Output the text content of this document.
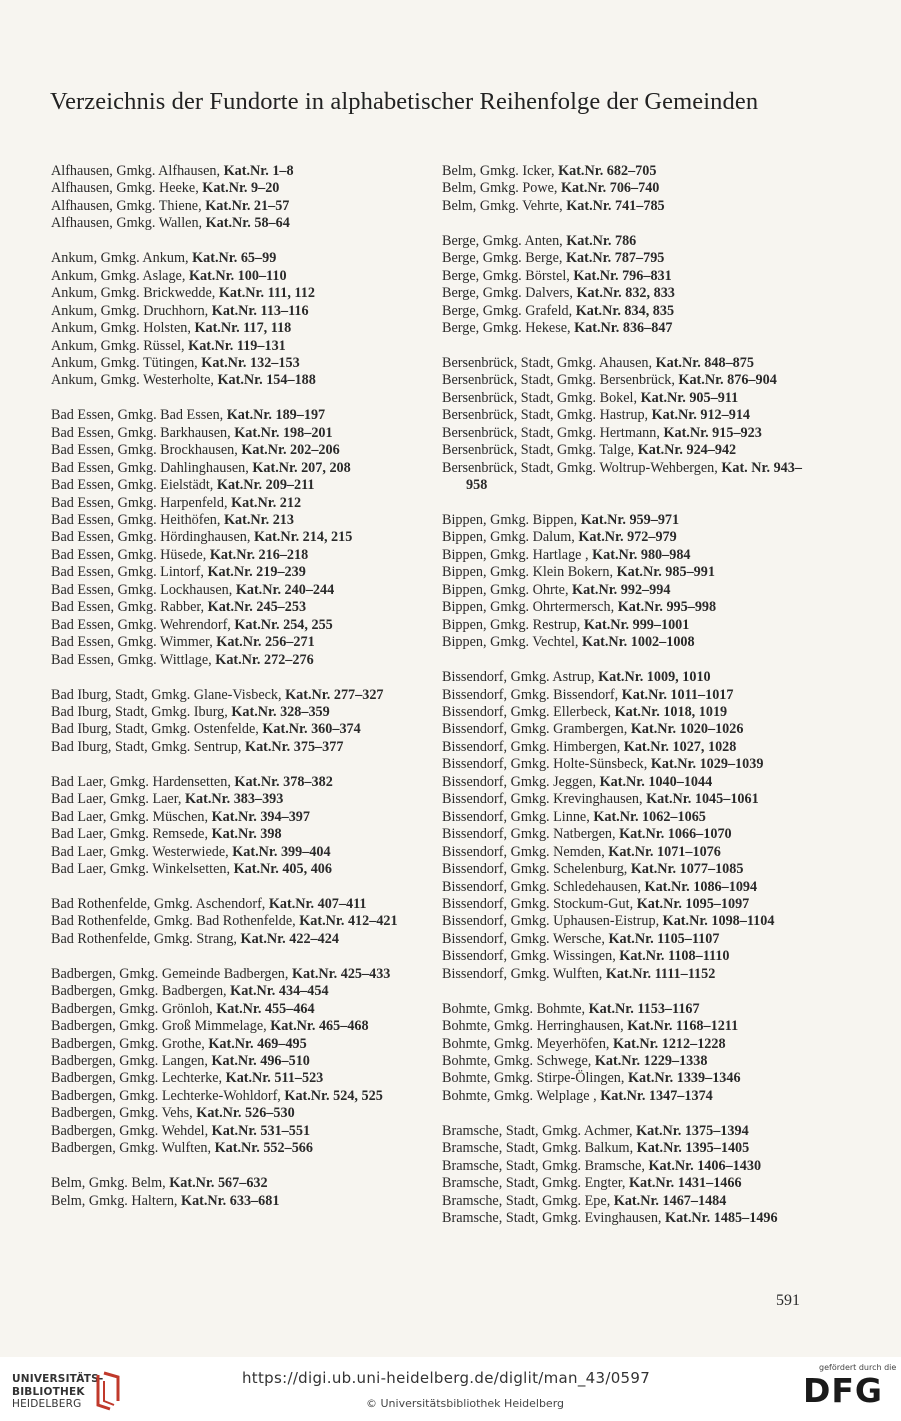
Verzeichnis der Fundorte in alphabetischer Reihenfolge der Gemeinden
Alfhausen, Gmkg. Alfhausen, Kat.Nr. 1–8
Alfhausen, Gmkg. Heeke, Kat.Nr. 9–20
Alfhausen, Gmkg. Thiene, Kat.Nr. 21–57
Alfhausen, Gmkg. Wallen, Kat.Nr. 58–64
Ankum, Gmkg. Ankum, Kat.Nr. 65–99
Ankum, Gmkg. Aslage, Kat.Nr. 100–110
Ankum, Gmkg. Brickwedde, Kat.Nr. 111, 112
Ankum, Gmkg. Druchhorn, Kat.Nr. 113–116
Ankum, Gmkg. Holsten, Kat.Nr. 117, 118
Ankum, Gmkg. Rüssel, Kat.Nr. 119–131
Ankum, Gmkg. Tütingen, Kat.Nr. 132–153
Ankum, Gmkg. Westerholte, Kat.Nr. 154–188
Bad Essen, Gmkg. Bad Essen, Kat.Nr. 189–197
Bad Essen, Gmkg. Barkhausen, Kat.Nr. 198–201
Bad Essen, Gmkg. Brockhausen, Kat.Nr. 202–206
Bad Essen, Gmkg. Dahlinghausen, Kat.Nr. 207, 208
Bad Essen, Gmkg. Eielstädt, Kat.Nr. 209–211
Bad Essen, Gmkg. Harpenfeld, Kat.Nr. 212
Bad Essen, Gmkg. Heithöfen, Kat.Nr. 213
Bad Essen, Gmkg. Hördinghausen, Kat.Nr. 214, 215
Bad Essen, Gmkg. Hüsede, Kat.Nr. 216–218
Bad Essen, Gmkg. Lintorf, Kat.Nr. 219–239
Bad Essen, Gmkg. Lockhausen, Kat.Nr. 240–244
Bad Essen, Gmkg. Rabber, Kat.Nr. 245–253
Bad Essen, Gmkg. Wehrendorf, Kat.Nr. 254, 255
Bad Essen, Gmkg. Wimmer, Kat.Nr. 256–271
Bad Essen, Gmkg. Wittlage, Kat.Nr. 272–276
Bad Iburg, Stadt, Gmkg. Glane-Visbeck, Kat.Nr. 277–327
Bad Iburg, Stadt, Gmkg. Iburg, Kat.Nr. 328–359
Bad Iburg, Stadt, Gmkg. Ostenfelde, Kat.Nr. 360–374
Bad Iburg, Stadt, Gmkg. Sentrup, Kat.Nr. 375–377
Bad Laer, Gmkg. Hardensetten, Kat.Nr. 378–382
Bad Laer, Gmkg. Laer, Kat.Nr. 383–393
Bad Laer, Gmkg. Müschen, Kat.Nr. 394–397
Bad Laer, Gmkg. Remsede, Kat.Nr. 398
Bad Laer, Gmkg. Westerwiede, Kat.Nr. 399–404
Bad Laer, Gmkg. Winkelsetten, Kat.Nr. 405, 406
Bad Rothenfelde, Gmkg. Aschendorf, Kat.Nr. 407–411
Bad Rothenfelde, Gmkg. Bad Rothenfelde, Kat.Nr. 412–421
Bad Rothenfelde, Gmkg. Strang, Kat.Nr. 422–424
Badbergen, Gmkg. Gemeinde Badbergen, Kat.Nr. 425–433
Badbergen, Gmkg. Badbergen, Kat.Nr. 434–454
Badbergen, Gmkg. Grönloh, Kat.Nr. 455–464
Badbergen, Gmkg. Groß Mimmelage, Kat.Nr. 465–468
Badbergen, Gmkg. Grothe, Kat.Nr. 469–495
Badbergen, Gmkg. Langen, Kat.Nr. 496–510
Badbergen, Gmkg. Lechterke, Kat.Nr. 511–523
Badbergen, Gmkg. Lechterke-Wohldorf, Kat.Nr. 524, 525
Badbergen, Gmkg. Vehs, Kat.Nr. 526–530
Badbergen, Gmkg. Wehdel, Kat.Nr. 531–551
Badbergen, Gmkg. Wulften, Kat.Nr. 552–566
Belm, Gmkg. Belm, Kat.Nr. 567–632
Belm, Gmkg. Haltern, Kat.Nr. 633–681
Belm, Gmkg. Icker, Kat.Nr. 682–705
Belm, Gmkg. Powe, Kat.Nr. 706–740
Belm, Gmkg. Vehrte, Kat.Nr. 741–785
Berge, Gmkg. Anten, Kat.Nr. 786
Berge, Gmkg. Berge, Kat.Nr. 787–795
Berge, Gmkg. Börstel, Kat.Nr. 796–831
Berge, Gmkg. Dalvers, Kat.Nr. 832, 833
Berge, Gmkg. Grafeld, Kat.Nr. 834, 835
Berge, Gmkg. Hekese, Kat.Nr. 836–847
Bersenbrück, Stadt, Gmkg. Ahausen, Kat.Nr. 848–875
Bersenbrück, Stadt, Gmkg. Bersenbrück, Kat.Nr. 876–904
Bersenbrück, Stadt, Gmkg. Bokel, Kat.Nr. 905–911
Bersenbrück, Stadt, Gmkg. Hastrup, Kat.Nr. 912–914
Bersenbrück, Stadt, Gmkg. Hertmann, Kat.Nr. 915–923
Bersenbrück, Stadt, Gmkg. Talge, Kat.Nr. 924–942
Bersenbrück, Stadt, Gmkg. Woltrup-Wehbergen, Kat. Nr. 943–958
Bippen, Gmkg. Bippen, Kat.Nr. 959–971
Bippen, Gmkg. Dalum, Kat.Nr. 972–979
Bippen, Gmkg. Hartlage , Kat.Nr. 980–984
Bippen, Gmkg. Klein Bokern, Kat.Nr. 985–991
Bippen, Gmkg. Ohrte, Kat.Nr. 992–994
Bippen, Gmkg. Ohrtermersch, Kat.Nr. 995–998
Bippen, Gmkg. Restrup, Kat.Nr. 999–1001
Bippen, Gmkg. Vechtel, Kat.Nr. 1002–1008
Bissendorf, Gmkg. Astrup, Kat.Nr. 1009, 1010
Bissendorf, Gmkg. Bissendorf, Kat.Nr. 1011–1017
Bissendorf, Gmkg. Ellerbeck, Kat.Nr. 1018, 1019
Bissendorf, Gmkg. Grambergen, Kat.Nr. 1020–1026
Bissendorf, Gmkg. Himbergen, Kat.Nr. 1027, 1028
Bissendorf, Gmkg. Holte-Sünsbeck, Kat.Nr. 1029–1039
Bissendorf, Gmkg. Jeggen, Kat.Nr. 1040–1044
Bissendorf, Gmkg. Krevinghausen, Kat.Nr. 1045–1061
Bissendorf, Gmkg. Linne, Kat.Nr. 1062–1065
Bissendorf, Gmkg. Natbergen, Kat.Nr. 1066–1070
Bissendorf, Gmkg. Nemden, Kat.Nr. 1071–1076
Bissendorf, Gmkg. Schelenburg, Kat.Nr. 1077–1085
Bissendorf, Gmkg. Schledehausen, Kat.Nr. 1086–1094
Bissendorf, Gmkg. Stockum-Gut, Kat.Nr. 1095–1097
Bissendorf, Gmkg. Uphausen-Eistrup, Kat.Nr. 1098–1104
Bissendorf, Gmkg. Wersche, Kat.Nr. 1105–1107
Bissendorf, Gmkg. Wissingen, Kat.Nr. 1108–1110
Bissendorf, Gmkg. Wulften, Kat.Nr. 1111–1152
Bohmte, Gmkg. Bohmte, Kat.Nr. 1153–1167
Bohmte, Gmkg. Herringhausen, Kat.Nr. 1168–1211
Bohmte, Gmkg. Meyerhöfen, Kat.Nr. 1212–1228
Bohmte, Gmkg. Schwege, Kat.Nr. 1229–1338
Bohmte, Gmkg. Stirpe-Ölingen, Kat.Nr. 1339–1346
Bohmte, Gmkg. Welplage , Kat.Nr. 1347–1374
Bramsche, Stadt, Gmkg. Achmer, Kat.Nr. 1375–1394
Bramsche, Stadt, Gmkg. Balkum, Kat.Nr. 1395–1405
Bramsche, Stadt, Gmkg. Bramsche, Kat.Nr. 1406–1430
Bramsche, Stadt, Gmkg. Engter, Kat.Nr. 1431–1466
Bramsche, Stadt, Gmkg. Epe, Kat.Nr. 1467–1484
Bramsche, Stadt, Gmkg. Evinghausen, Kat.Nr. 1485–1496
591
UNIVERSITÄTS-
BIBLIOTHEK
HEIDELBERG
https://digi.ub.uni-heidelberg.de/diglit/man_43/0597
© Universitätsbibliothek Heidelberg
gefördert durch die
DFG
